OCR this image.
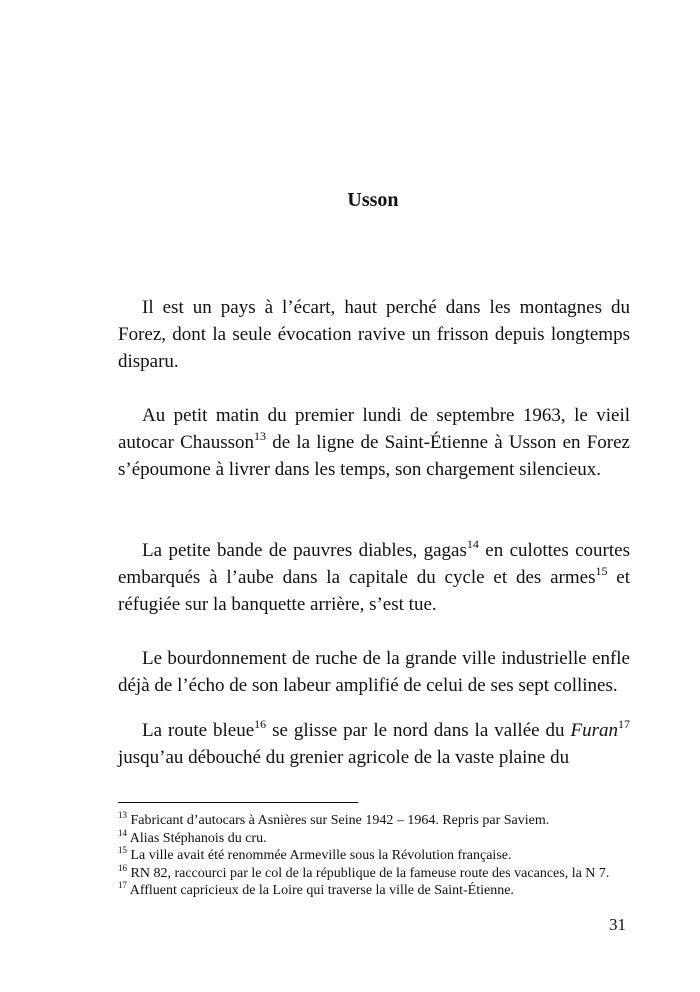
Usson

Il est un pays à l’écart, haut perché dans les montagnes du Forez, dont la seule évocation ravive un frisson depuis longtemps disparu.

Au petit matin du premier lundi de septembre 1963, le vieil autocar Chausson$^{13}$ de la ligne de Saint-Étienne à Usson en Forez s’époumone à livrer dans les temps, son chargement silencieux.

La petite bande de pauvres diables, gagas$^{14}$ en culottes courtes embarqués à l’aube dans la capitale du cycle et des armes$^{15}$ et réfugiée sur la banquette arrière, s’est tue.

Le bourdonnement de ruche de la grande ville industrielle enfle déjà de l’écho de son labeur amplifié de celui de ses sept collines.

La route bleue$^{16}$ se glisse par le nord dans la vallée du Furan$^{17}$ jusqu’au débouché du grenier agricole de la vaste plaine du

$^{13}$ Fabricant d’autocars à Asnières sur Seine 1942 – 1964. Repris par Saviem.

$^{14}$ Alias Stéphanois du cru.

$^{15}$ La ville avait été renommée Armeville sous la Révolution française.

$^{16}$ RN 82, raccourci par le col de la république de la fameuse route des vacances, la N 7.

$^{17}$ Affluent capricieux de la Loire qui traverse la ville de Saint-Étienne.

31
